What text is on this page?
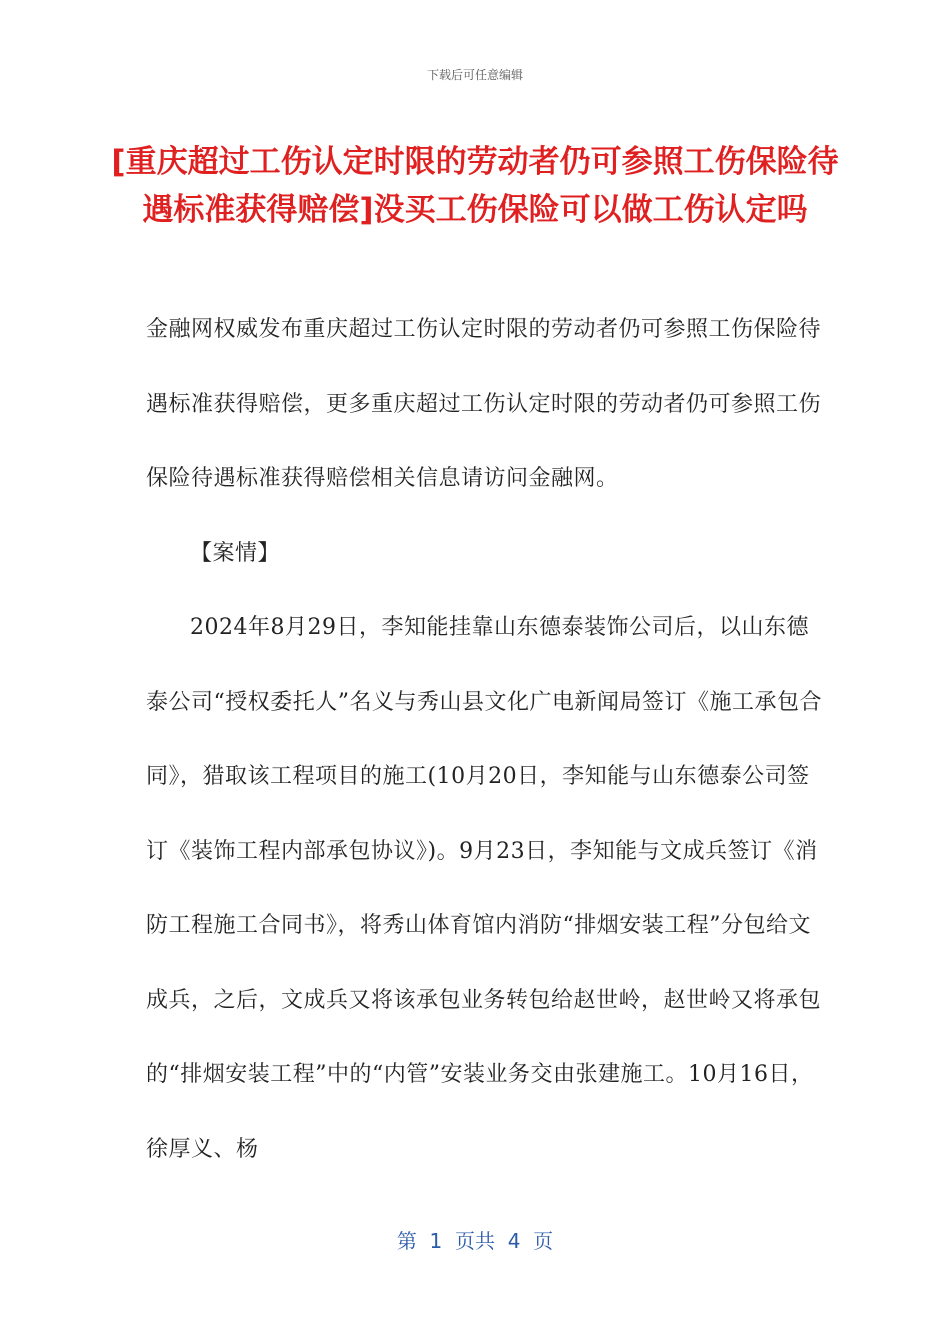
下载后可任意编辑
[重庆超过工伤认定时限的劳动者仍可参照工伤保险待遇标准获得赔偿]没买工伤保险可以做工伤认定吗

金融网权威发布重庆超过工伤认定时限的劳动者仍可参照工伤保险待遇标准获得赔偿，更多重庆超过工伤认定时限的劳动者仍可参照工伤保险待遇标准获得赔偿相关信息请访问金融网。

【案情】

2024年8月29日，李知能挂靠山东德泰装饰公司后，以山东德泰公司“授权委托人”名义与秀山县文化广电新闻局签订《施工承包合同》，猎取该工程项目的施工(10月20日，李知能与山东德泰公司签订《装饰工程内部承包协议》)。9月23日，李知能与文成兵签订《消防工程施工合同书》，将秀山体育馆内消防“排烟安装工程”分包给文成兵，之后，文成兵又将该承包业务转包给赵世岭，赵世岭又将承包的“排烟安装工程”中的“内管”安装业务交由张建施工。10月16日，徐厚义、杨

第  1  页共  4  页
